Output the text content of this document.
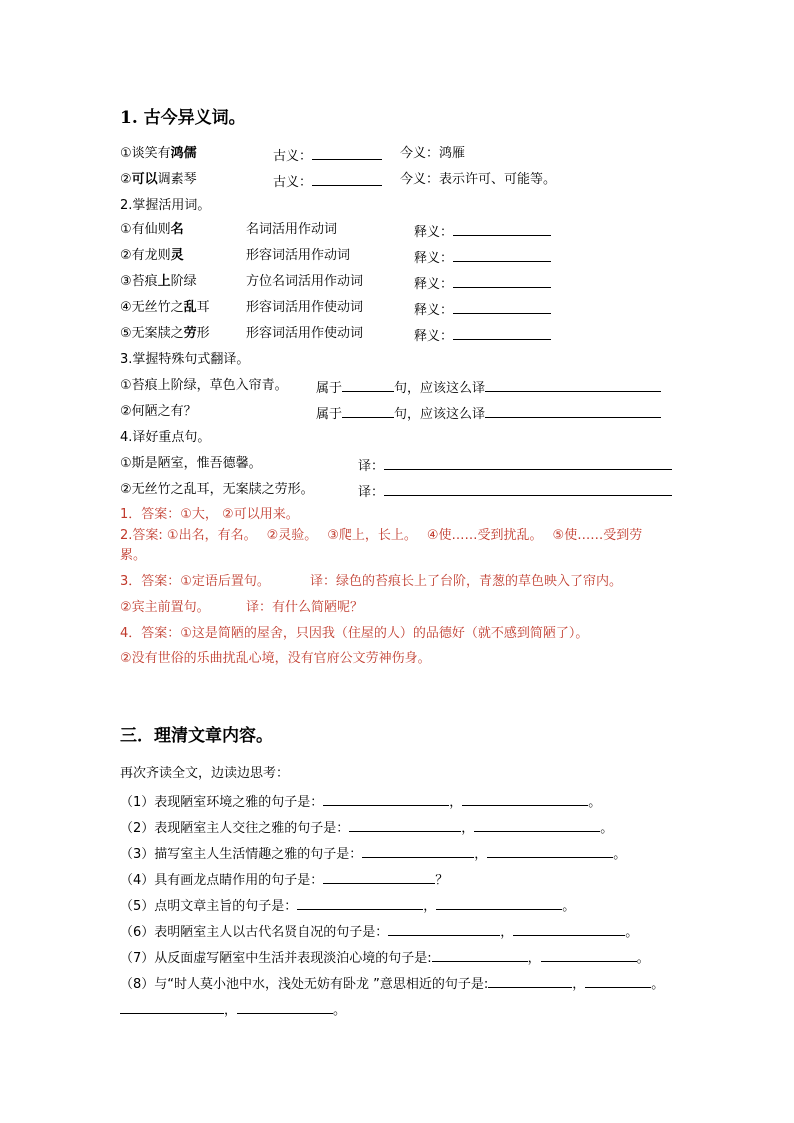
1. 古今异义词。
①谈笑有鸿儒	古义：	今义：鸿雁
②可以调素琴	古义：	今义：表示许可、可能等。
2.掌握活用词。
①有仙则名	名词活用作动词	释义：
②有龙则灵	形容词活用作动词	释义：
③苔痕上阶绿	方位名词活用作动词	释义：
④无丝竹之乱耳	形容词活用作使动词	释义：
⑤无案牍之劳形	形容词活用作使动词	释义：
3.掌握特殊句式翻译。
①苔痕上阶绿，草色入帘青。 属于	句，应该这么译
②何陋之有？	属于	句，应该这么译
4.译好重点句。
①斯是陋室，惟吾德馨。	译：
②无丝竹之乱耳，无案牍之劳形。	译：
1．答案：①大， ②可以用来。
2.答案: ①出名，有名。 ②灵验。 ③爬上，长上。 ④使……受到扰乱。 ⑤使……受到劳
累。
3．答案：①定语后置句。	译：绿色的苔痕长上了台阶，青葱的草色映入了帘内。
②宾主前置句。	译：有什么简陋呢？
4．答案：①这是简陋的屋舍，只因我（住屋的人）的品德好（就不感到简陋了）。
②没有世俗的乐曲扰乱心境，没有官府公文劳神伤身。
三．理清文章内容。
再次齐读全文，边读边思考：
（1）表现陋室环境之雅的句子是：	，	。
（2）表现陋室主人交往之雅的句子是：	，	。
（3）描写室主人生活情趣之雅的句子是：	，	。
（4）具有画龙点睛作用的句子是：	？
（5）点明文章主旨的句子是：	，	。
（6）表明陋室主人以古代名贤自况的句子是：	，	。
（7）从反面虚写陋室中生活并表现淡泊心境的句子是:	，	。
（8）与“时人莫小池中水，浅处无妨有卧龙 ”意思相近的句子是:	，	。
，	。
